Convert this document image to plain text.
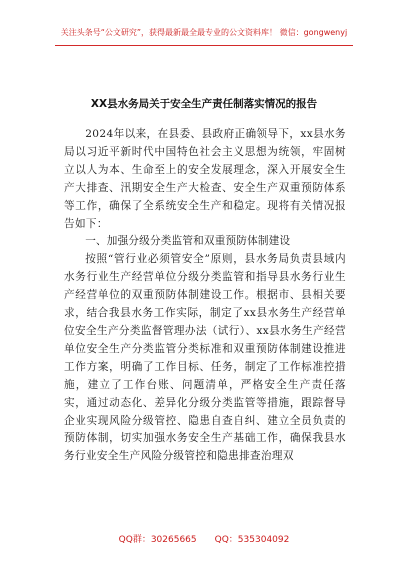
关注头条号“公文研究”，获得最新最全最专业的公文资料库！ 微信：gongwenyj
XX县水务局关于安全生产责任制落实情况的报告

2024年以来，在县委、县政府正确领导下，xx县水务局以习近平新时代中国特色社会主义思想为统领，牢固树立以人为本、生命至上的安全发展理念，深入开展安全生产大排查、汛期安全生产大检查、安全生产双重预防体系等工作，确保了全系统安全生产和稳定。现将有关情况报告如下：

一、加强分级分类监管和双重预防体制建设

按照“管行业必须管安全”原则，县水务局负责县域内水务行业生产经营单位分级分类监管和指导县水务行业生产经营单位的双重预防体制建设工作。根据市、县相关要求，结合我县水务工作实际，制定了xx县水务生产经营单位安全生产分类监督管理办法（试行）、xx县水务生产经营单位安全生产分类监管分类标准和双重预防体制建设推进工作方案，明确了工作目标、任务，制定了工作标准控措施，建立了工作台账、问题清单，严格安全生产责任落实，通过动态化、差异化分级分类监管等措施，跟踪督导企业实现风险分级管控、隐患自查自纠、建立全员负责的预防体制，切实加强水务安全生产基础工作，确保我县水务行业安全生产风险分级管控和隐患排查治理双

QQ群：30265665 QQ：535304092
